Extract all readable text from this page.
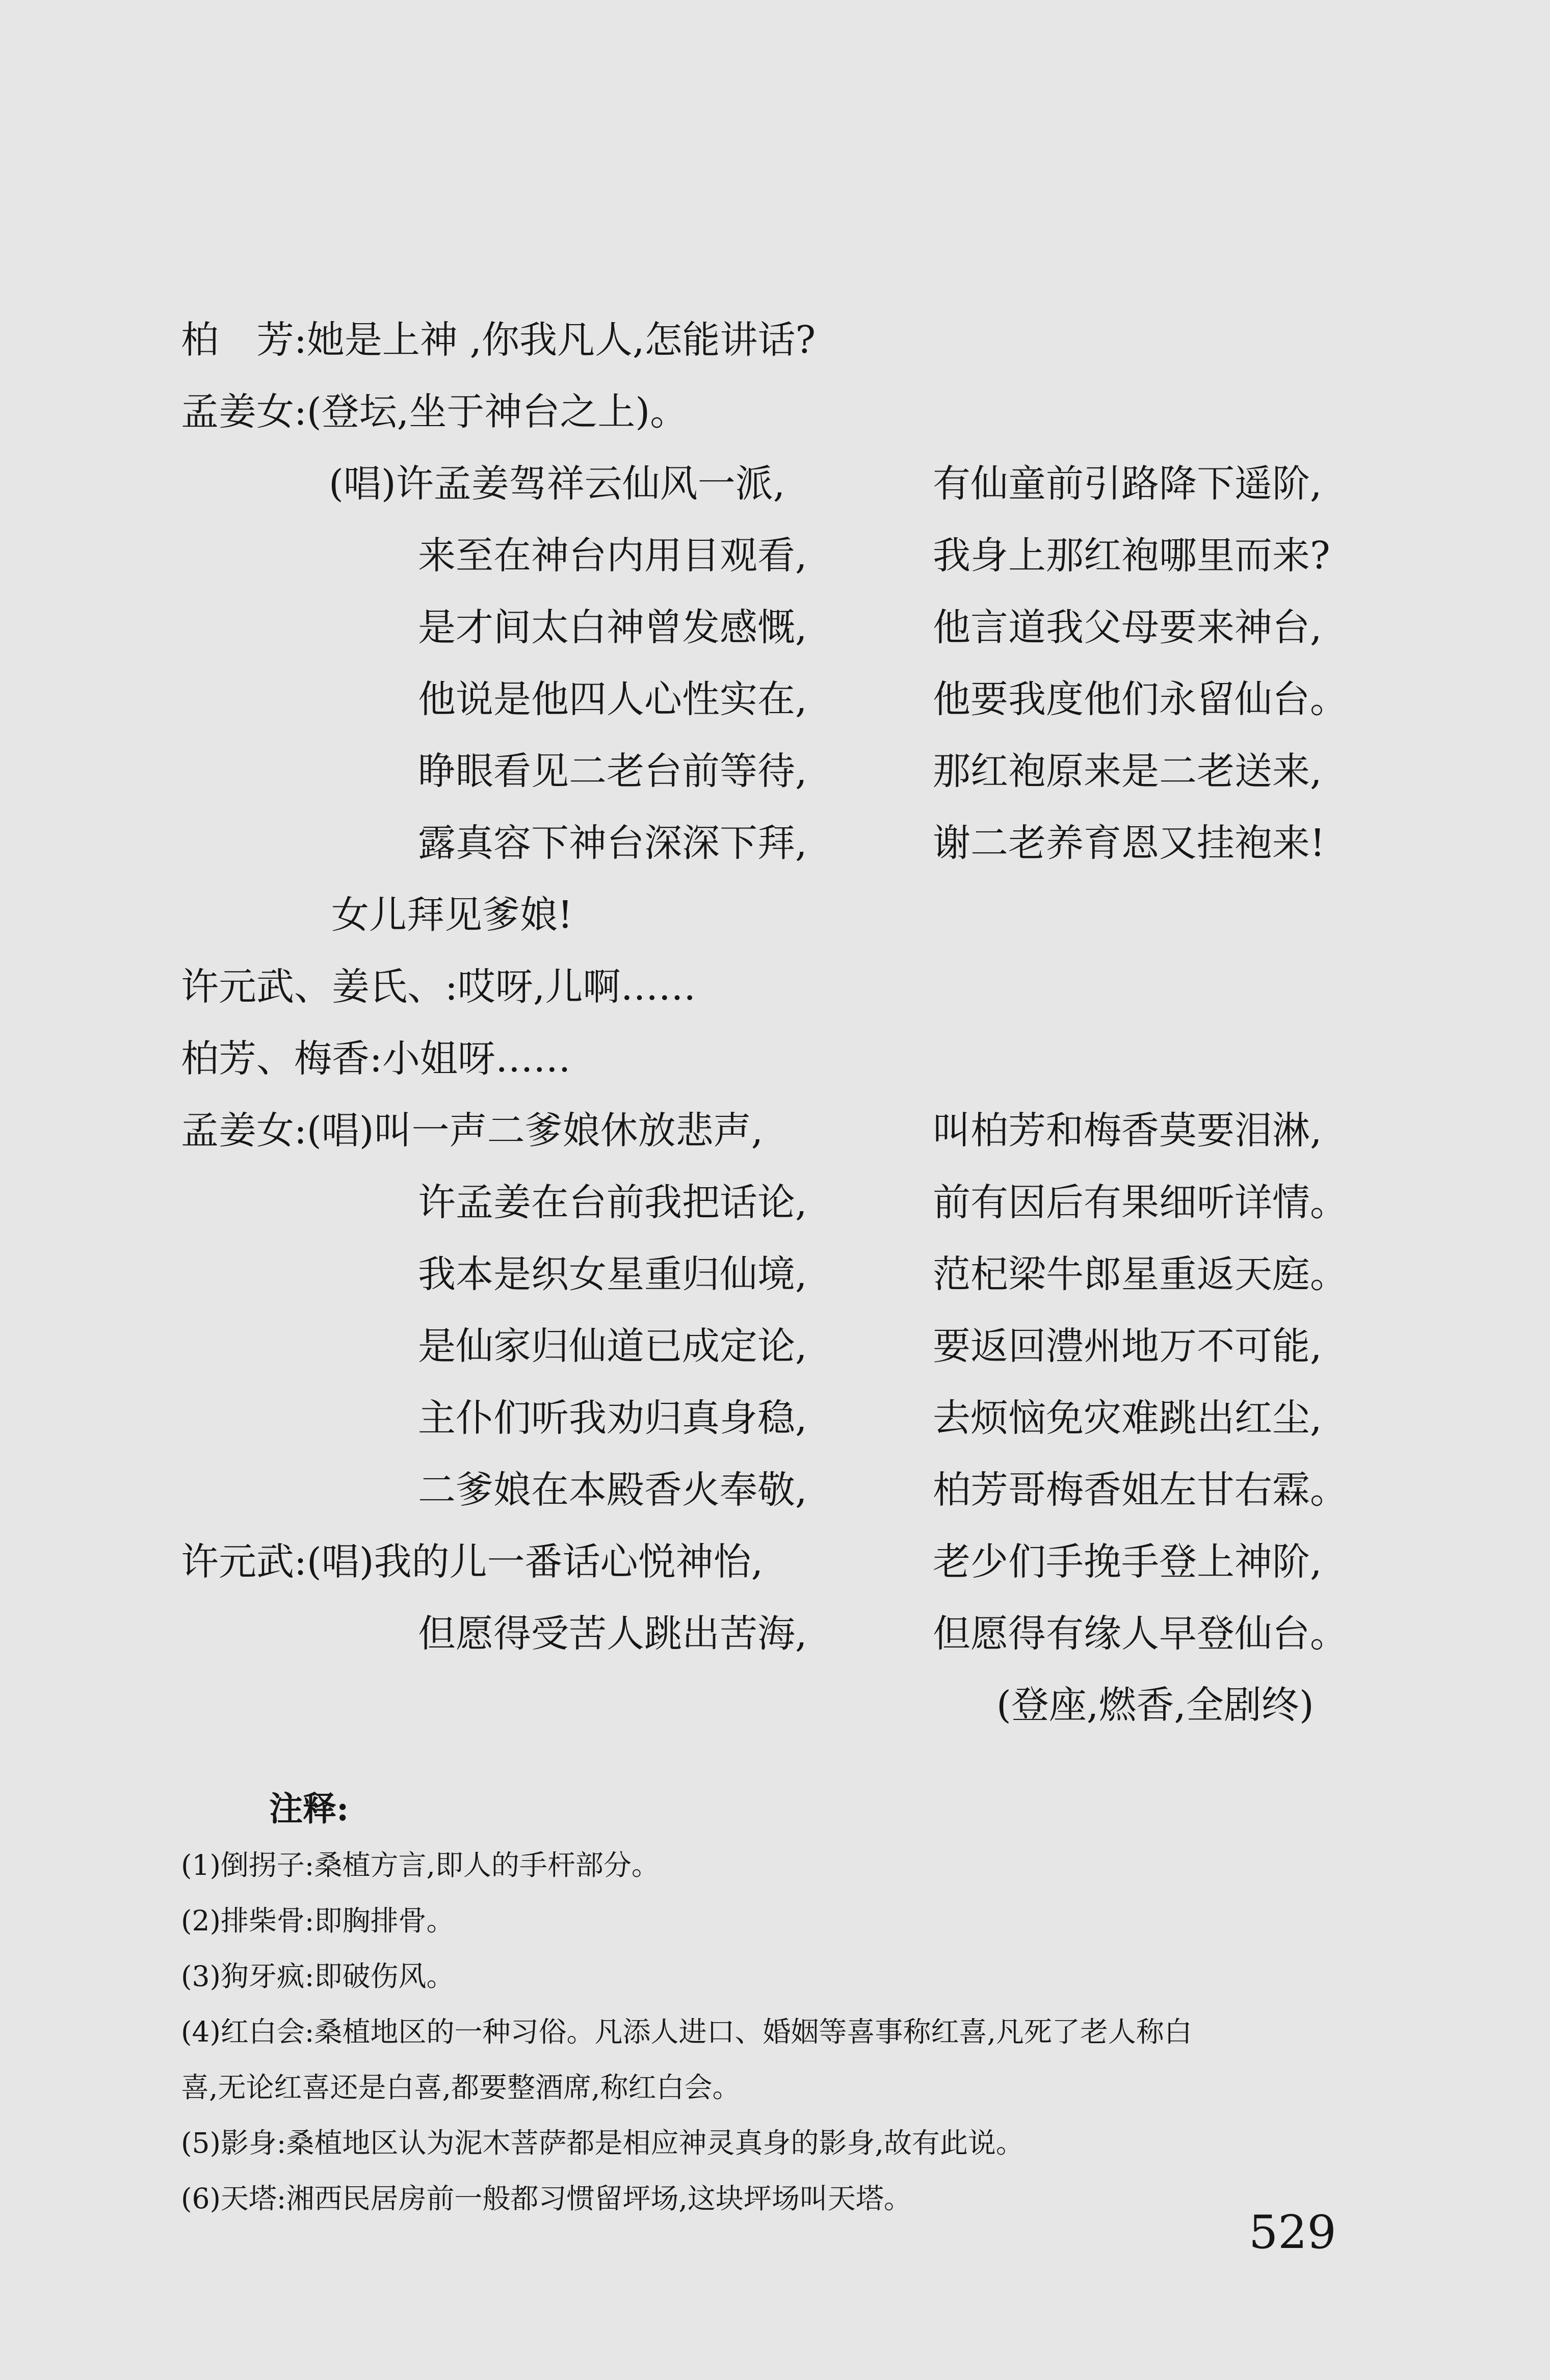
柏　芳:她是上神 ,你我凡人,怎能讲话?
孟姜女:(登坛,坐于神台之上)。
(唱)许孟姜驾祥云仙风一派,	有仙童前引路降下遥阶,
来至在神台内用目观看,	我身上那红袍哪里而来?
是才间太白神曾发感慨,	他言道我父母要来神台,
他说是他四人心性实在,	他要我度他们永留仙台。
睁眼看见二老台前等待,	那红袍原来是二老送来,
露真容下神台深深下拜,	谢二老养育恩又挂袍来!
女儿拜见爹娘!
许元武、姜氏、:哎呀,儿啊……
柏芳、梅香:小姐呀……
孟姜女:(唱)叫一声二爹娘休放悲声,	叫柏芳和梅香莫要泪淋,
许孟姜在台前我把话论,	前有因后有果细听详情。
我本是织女星重归仙境,	范杞梁牛郎星重返天庭。
是仙家归仙道已成定论,	要返回澧州地万不可能,
主仆们听我劝归真身稳,	去烦恼免灾难跳出红尘,
二爹娘在本殿香火奉敬,	柏芳哥梅香姐左甘右霖。
许元武:(唱)我的儿一番话心悦神怡,	老少们手挽手登上神阶,
但愿得受苦人跳出苦海,	但愿得有缘人早登仙台。
(登座,燃香,全剧终)
注释:
(1)倒拐子:桑植方言,即人的手杆部分。
(2)排柴骨:即胸排骨。
(3)狗牙疯:即破伤风。
(4)红白会:桑植地区的一种习俗。凡添人进口、婚姻等喜事称红喜,凡死了老人称白
喜,无论红喜还是白喜,都要整酒席,称红白会。
(5)影身:桑植地区认为泥木菩萨都是相应神灵真身的影身,故有此说。
(6)天塔:湘西民居房前一般都习惯留坪场,这块坪场叫天塔。
529
